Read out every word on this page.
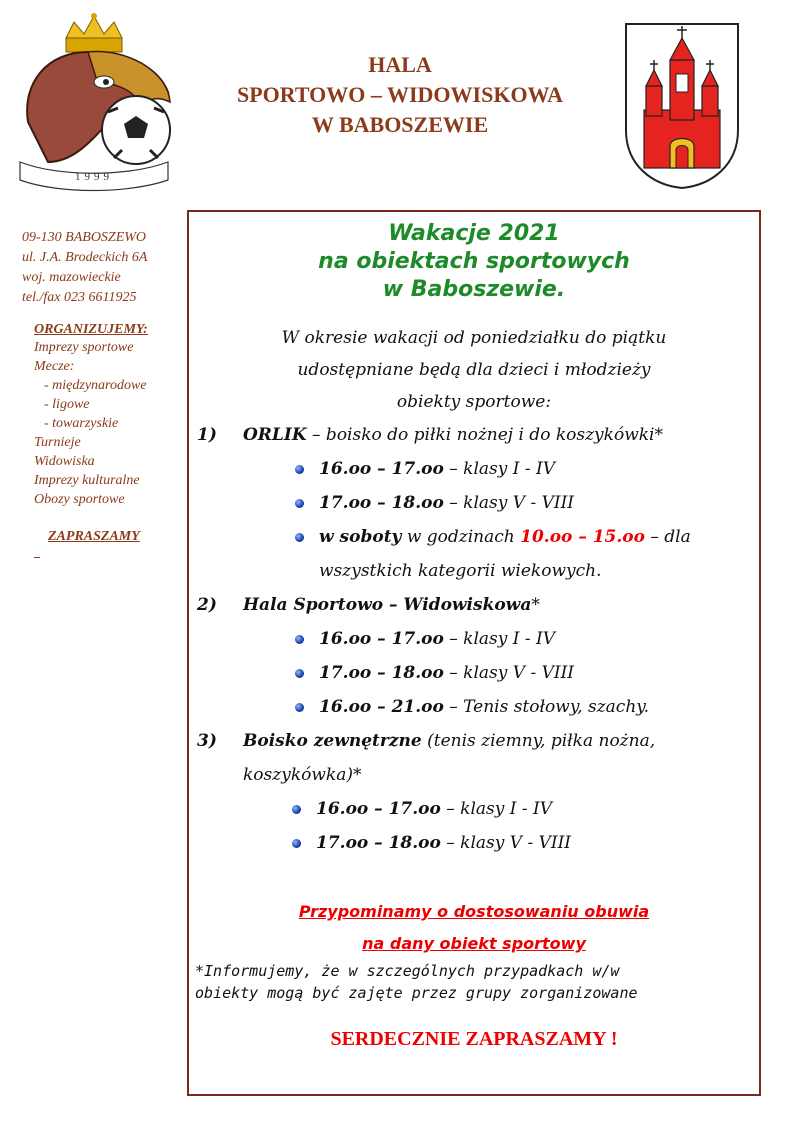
1999
HALA
SPORTOWO – WIDOWISKOWA
W BABOSZEWIE
09-130 BABOSZEWO
ul. J.A. Brodeckich 6A
woj. mazowieckie
tel./fax 023 6611925
ORGANIZUJEMY:
Imprezy sportowe
Mecze:
- międzynarodowe
- ligowe
- towarzyskie
Turnieje
Widowiska
Imprezy kulturalne
Obozy sportowe
ZAPRASZAMY
Wakacje 2021
na obiektach sportowych
w Baboszewie.
W okresie wakacji od poniedziałku do piątku
udostępniane będą dla dzieci i młodzieży
obiekty sportowe:
1)	ORLIK – boisko do piłki nożnej i do koszykówki*
16.oo – 17.oo – klasy I - IV
17.oo – 18.oo – klasy V - VIII
w soboty w godzinach 10.oo – 15.oo – dla
wszystkich kategorii wiekowych.
2)	Hala Sportowo – Widowiskowa*
16.oo – 17.oo – klasy I - IV
17.oo – 18.oo – klasy V - VIII
16.oo – 21.oo – Tenis stołowy, szachy.
3)	Boisko zewnętrzne (tenis ziemny, piłka nożna,
koszykówka)*
16.oo – 17.oo – klasy I - IV
17.oo – 18.oo – klasy V - VIII
Przypominamy o dostosowaniu obuwia
na dany obiekt sportowy
*Informujemy, że w szczególnych przypadkach w/w
obiekty mogą być zajęte przez grupy zorganizowane
SERDECZNIE ZAPRASZAMY !
